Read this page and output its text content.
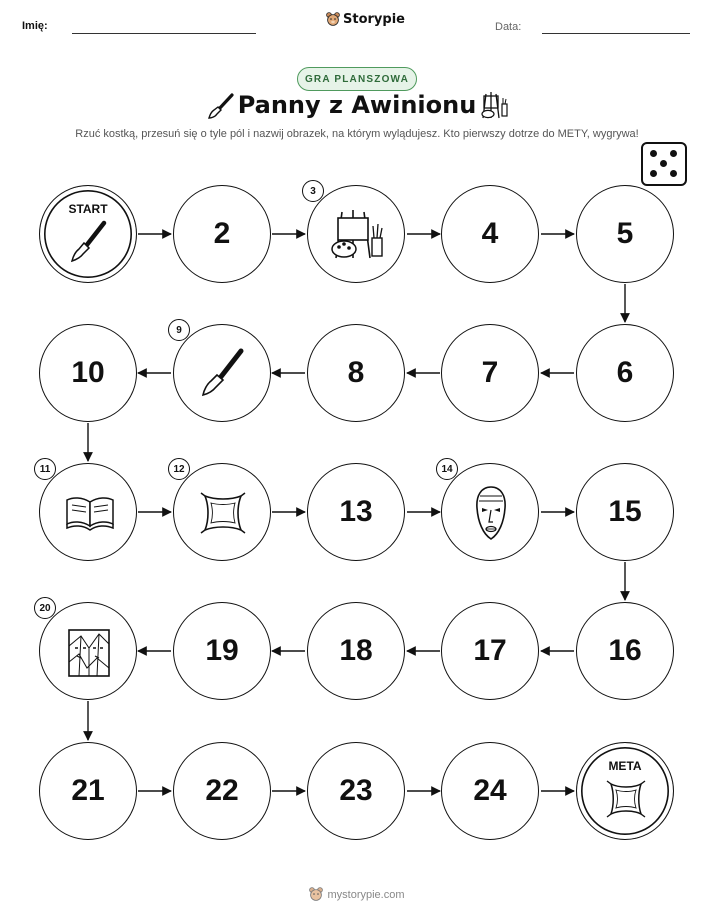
Imię:	Storypie	Data:
GRA PLANSZOWA
Panny z Awinionu
Rzuć kostką, przesuń się o tyle pól i nazwij obrazek, na którym wylądujesz. Kto pierwszy dotrze do METY, wygrywa!
START
2
3
4	5
10
9
8	7	6
11	12
13
14
15
20
19	18	17	16
21	22	23	24
META
mystorypie.com
